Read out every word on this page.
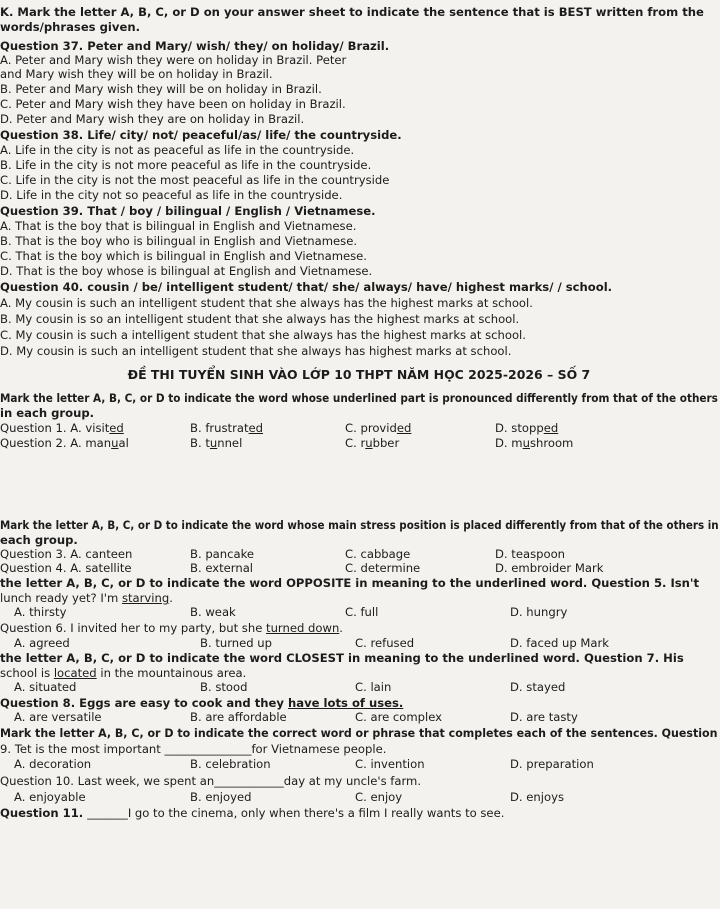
K. Mark the letter A, B, C, or D on your answer sheet to indicate the sentence that is BEST written from the
words/phrases given.
Question 37. Peter and Mary/ wish/ they/ on holiday/ Brazil.
A. Peter and Mary wish they were on holiday in Brazil. Peter
and Mary wish they will be on holiday in Brazil.
B. Peter and Mary wish they will be on holiday in Brazil.
C. Peter and Mary wish they have been on holiday in Brazil.
D. Peter and Mary wish they are on holiday in Brazil.
Question 38. Life/ city/ not/ peaceful/as/ life/ the countryside.
A. Life in the city is not as peaceful as life in the countryside.
B. Life in the city is not more peaceful as life in the countryside.
C. Life in the city is not the most peaceful as life in the countryside
D. Life in the city not so peaceful as life in the countryside.
Question 39. That / boy / bilingual / English / Vietnamese.
A. That is the boy that is bilingual in English and Vietnamese.
B. That is the boy who is bilingual in English and Vietnamese.
C. That is the boy which is bilingual in English and Vietnamese.
D. That is the boy whose is bilingual at English and Vietnamese.
Question 40. cousin / be/ intelligent student/ that/ she/ always/ have/ highest marks/ / school.
A. My cousin is such an intelligent student that she always has the highest marks at school.
B. My cousin is so an intelligent student that she always has the highest marks at school.
C. My cousin is such a intelligent student that she always has the highest marks at school.
D. My cousin is such an intelligent student that she always has highest marks at school.
ĐỀ THI TUYỂN SINH VÀO LỚP 10 THPT NĂM HỌC 2025-2026 – SỐ 7
Mark the letter A, B, C, or D to indicate the word whose underlined part is pronounced differently from that of the others
in each group.
Question 1. A. visited	B. frustrated	C. provided	D. stopped
Question 2. A. manual	B. tunnel	C. rubber	D. mushroom
Mark the letter A, B, C, or D to indicate the word whose main stress position is placed differently from that of the others in
each group.
Question 3. A. canteen	B. pancake	C. cabbage	D. teaspoon
Question 4. A. satellite	B. external	C. determine	D. embroider Mark
the letter A, B, C, or D to indicate the word OPPOSITE in meaning to the underlined word. Question 5. Isn't
lunch ready yet? I'm starving.
A. thirsty	B. weak	C. full	D. hungry
Question 6. I invited her to my party, but she turned down.
A. agreed	B. turned up	C. refused	D. faced up Mark
the letter A, B, C, or D to indicate the word CLOSEST in meaning to the underlined word. Question 7. His
school is located in the mountainous area.
A. situated	B. stood	C. lain	D. stayed
Question 8. Eggs are easy to cook and they have lots of uses.
A. are versatile	B. are affordable	C. are complex	D. are tasty
Mark the letter A, B, C, or D to indicate the correct word or phrase that completes each of the sentences. Question
9. Tet is the most important _______________for Vietnamese people.
A. decoration	B. celebration	C. invention	D. preparation
Question 10. Last week, we spent an____________day at my uncle's farm.
A. enjoyable	B. enjoyed	C. enjoy	D. enjoys
Question 11. _______I go to the cinema, only when there's a film I really wants to see.
